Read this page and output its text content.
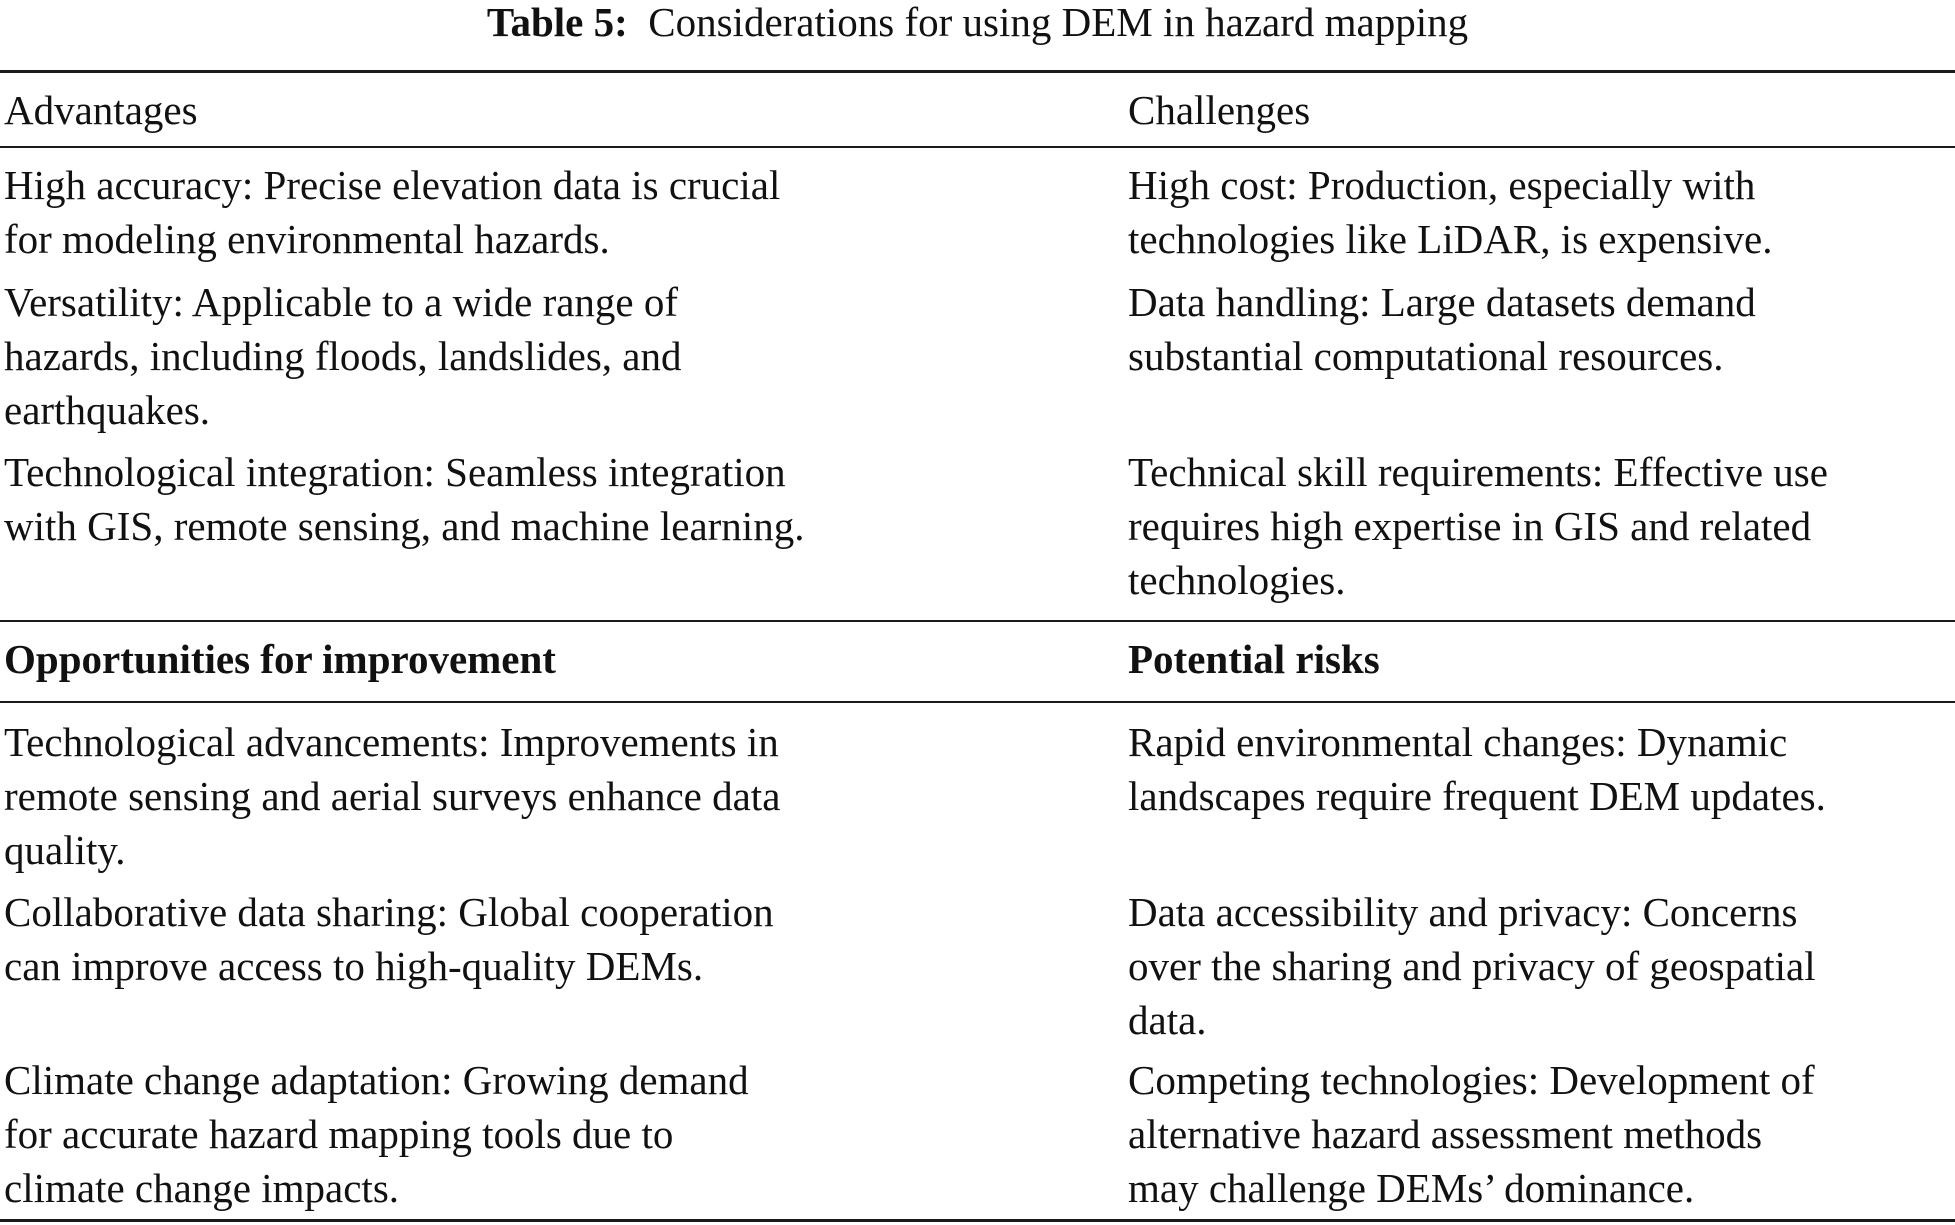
Table 5: Considerations for using DEM in hazard mapping
Advantages	Challenges
High accuracy: Precise elevation data is crucial
for modeling environmental hazards.
Versatility: Applicable to a wide range of
hazards, including floods, landslides, and
earthquakes.
Technological integration: Seamless integration
with GIS, remote sensing, and machine learning.
High cost: Production, especially with
technologies like LiDAR, is expensive.
Data handling: Large datasets demand
substantial computational resources.
Technical skill requirements: Effective use
requires high expertise in GIS and related
technologies.
Opportunities for improvement	Potential risks
Technological advancements: Improvements in
remote sensing and aerial surveys enhance data
quality.
Collaborative data sharing: Global cooperation
can improve access to high-quality DEMs.
Climate change adaptation: Growing demand
for accurate hazard mapping tools due to
climate change impacts.
Rapid environmental changes: Dynamic
landscapes require frequent DEM updates.
Data accessibility and privacy: Concerns
over the sharing and privacy of geospatial
data.
Competing technologies: Development of
alternative hazard assessment methods
may challenge DEMs’ dominance.
